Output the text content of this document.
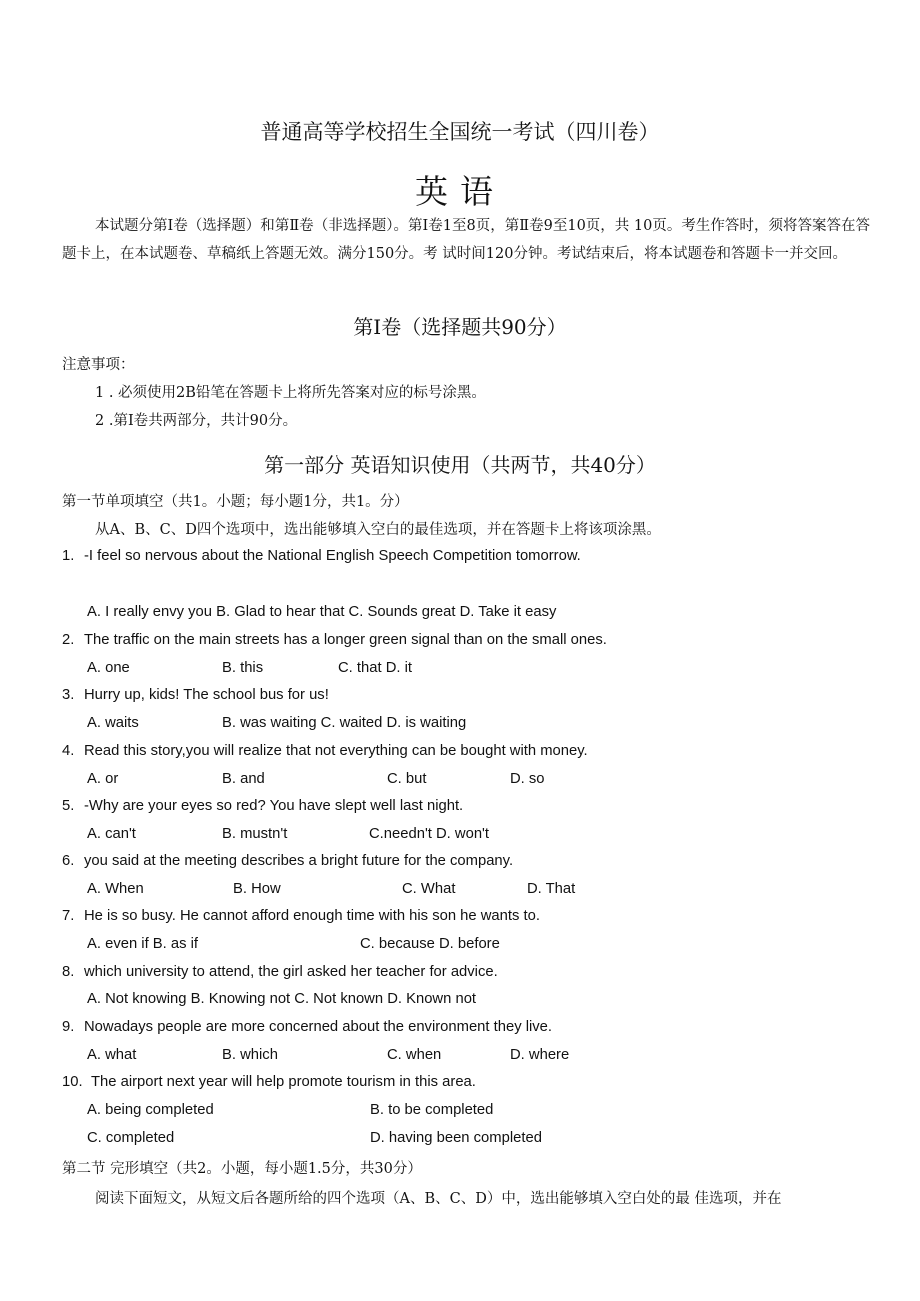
普通高等学校招生全国统一考试（四川卷）
英语

本试题分第Ⅰ卷（选择题）和第Ⅱ卷（非选择题）。第Ⅰ卷1至8页，第Ⅱ卷9至10页，共 10页。考生作答时，须将答案答在答题卡上，在本试题卷、草稿纸上答题无效。满分150分。考 试时间120分钟。考试结束后，将本试题卷和答题卡一并交回。

第Ⅰ卷（选择题共90分）
注意事项：
1 . 必须使用2B铅笔在答题卡上将所先答案对应的标号涂黑。
2 .第Ⅰ卷共两部分，共计90分。
第一部分 英语知识使用（共两节，共40分）
第一节单项填空（共1。小题；每小题1分，共1。分）
从A、B、C、D四个选项中，选出能够填入空白的最佳选项，并在答题卡上将该项涂黑。
1. -I feel so nervous about the National English Speech Competition tomorrow.
A. I really envy you B. Glad to hear that C. Sounds great D. Take it easy
2. The traffic on the main streets has a longer green signal than on the small ones.
A. one	B. this	C. that D. it
3. Hurry up, kids! The school bus for us!
A. waits	B. was waiting C. waited D. is waiting
4. Read this story,you will realize that not everything can be bought with money.
A. or	B. and	C. but	D. so
5. -Why are your eyes so red? You have slept well last night.
A. can't	B. mustn't	C.needn't D. won't
6. you said at the meeting describes a bright future for the company.
A. When	B. How	C. What	D. That
7. He is so busy. He cannot afford enough time with his son he wants to.
A. even if B. as if	C. because D. before
8. which university to attend, the girl asked her teacher for advice.
A. Not knowing B. Knowing not C. Not known D. Known not
9. Nowadays people are more concerned about the environment they live.
A. what	B. which	C. when	D. where
10. The airport next year will help promote tourism in this area.
A. being completed	B. to be completed
C. completed	D. having been completed
第二节 完形填空（共2。小题，每小题1.5分，共30分）
阅读下面短文，从短文后各题所给的四个选项（A、B、C、D）中，选出能够填入空白处的最 佳选项，并在
